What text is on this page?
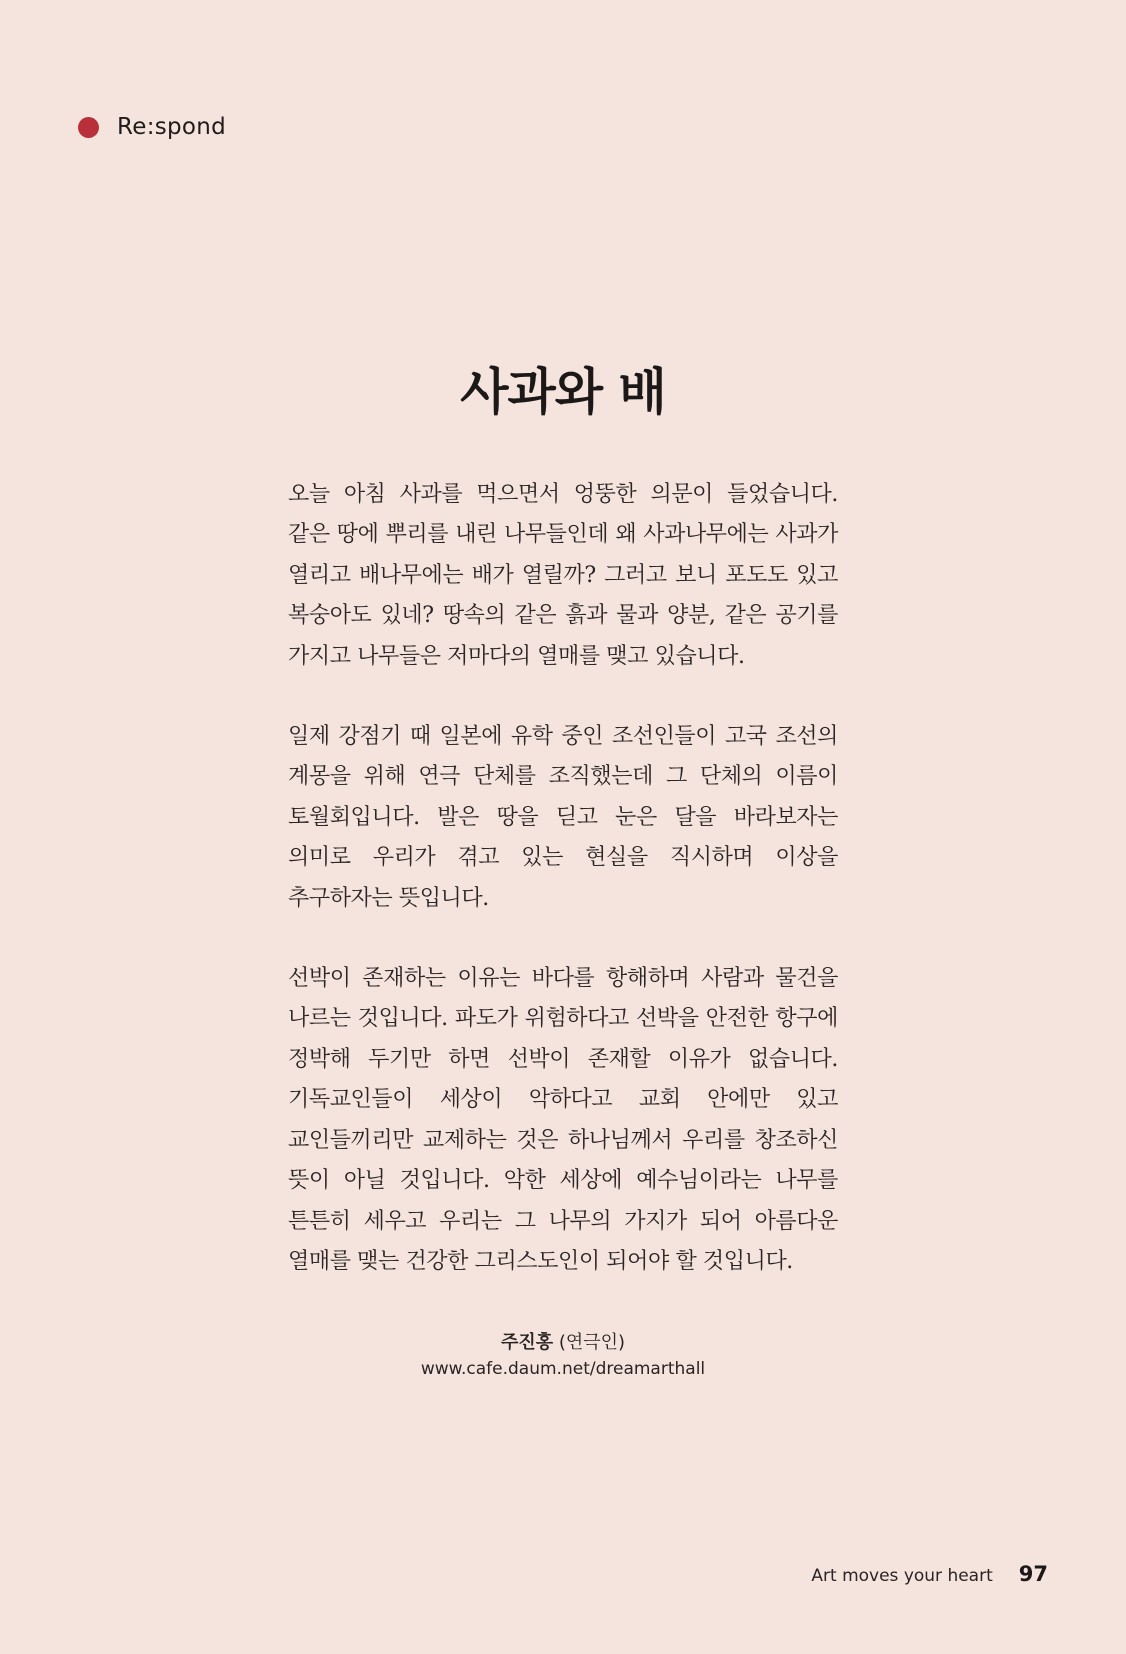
Re:spond
사과와 배

오늘 아침 사과를 먹으면서 엉뚱한 의문이 들었습니다. 같은 땅에 뿌리를 내린 나무들인데 왜 사과나무에는 사과가 열리고 배나무에는 배가 열릴까? 그러고 보니 포도도 있고 복숭아도 있네? 땅속의 같은 흙과 물과 양분, 같은 공기를 가지고 나무들은 저마다의 열매를 맺고 있습니다.

일제 강점기 때 일본에 유학 중인 조선인들이 고국 조선의 계몽을 위해 연극 단체를 조직했는데 그 단체의 이름이 토월회입니다. 발은 땅을 딛고 눈은 달을 바라보자는 의미로 우리가 겪고 있는 현실을 직시하며 이상을 추구하자는 뜻입니다.

선박이 존재하는 이유는 바다를 항해하며 사람과 물건을 나르는 것입니다. 파도가 위험하다고 선박을 안전한 항구에 정박해 두기만 하면 선박이 존재할 이유가 없습니다. 기독교인들이 세상이 악하다고 교회 안에만 있고 교인들끼리만 교제하는 것은 하나님께서 우리를 창조하신 뜻이 아닐 것입니다. 악한 세상에 예수님이라는 나무를 튼튼히 세우고 우리는 그 나무의 가지가 되어 아름다운 열매를 맺는 건강한 그리스도인이 되어야 할 것입니다.

주진홍 (연극인)
www.cafe.daum.net/dreamarthall
Art moves your heart 97
